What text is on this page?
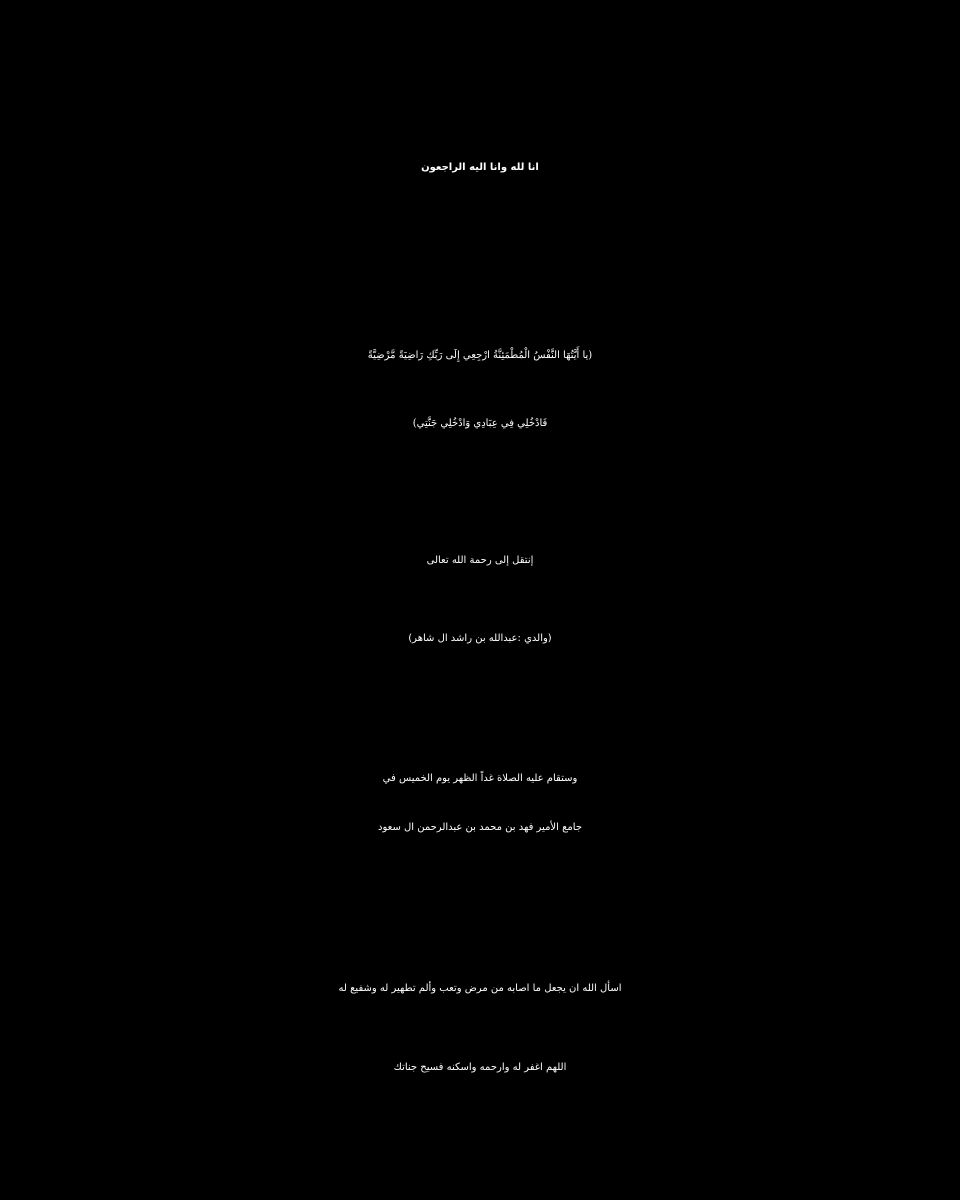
انا لله وانا اليه الراجعون
(يا أَيَّتُهَا النَّفْسُ الْمُطْمَئِنَّةُ ارْجِعِي إِلَى رَبِّكِ رَاضِيَةً مَّرْضِيَّةً
فَادْخُلِي فِي عِبَادِي وَادْخُلِي جَنَّتِي)
إنتقل إلى رحمة الله تعالى
(والدي :عبدالله بن راشد ال شاهر)
وستقام عليه الصلاة غداً الظهر يوم الخميس في
جامع الأمير فهد بن محمد بن عبدالرحمن ال سعود
اسأل الله ان يجعل ما اصابه من مرض وتعب وألم تطهير له وشفيع له
اللهم اغفر له وارحمه واسكنه فسيح جناتك
